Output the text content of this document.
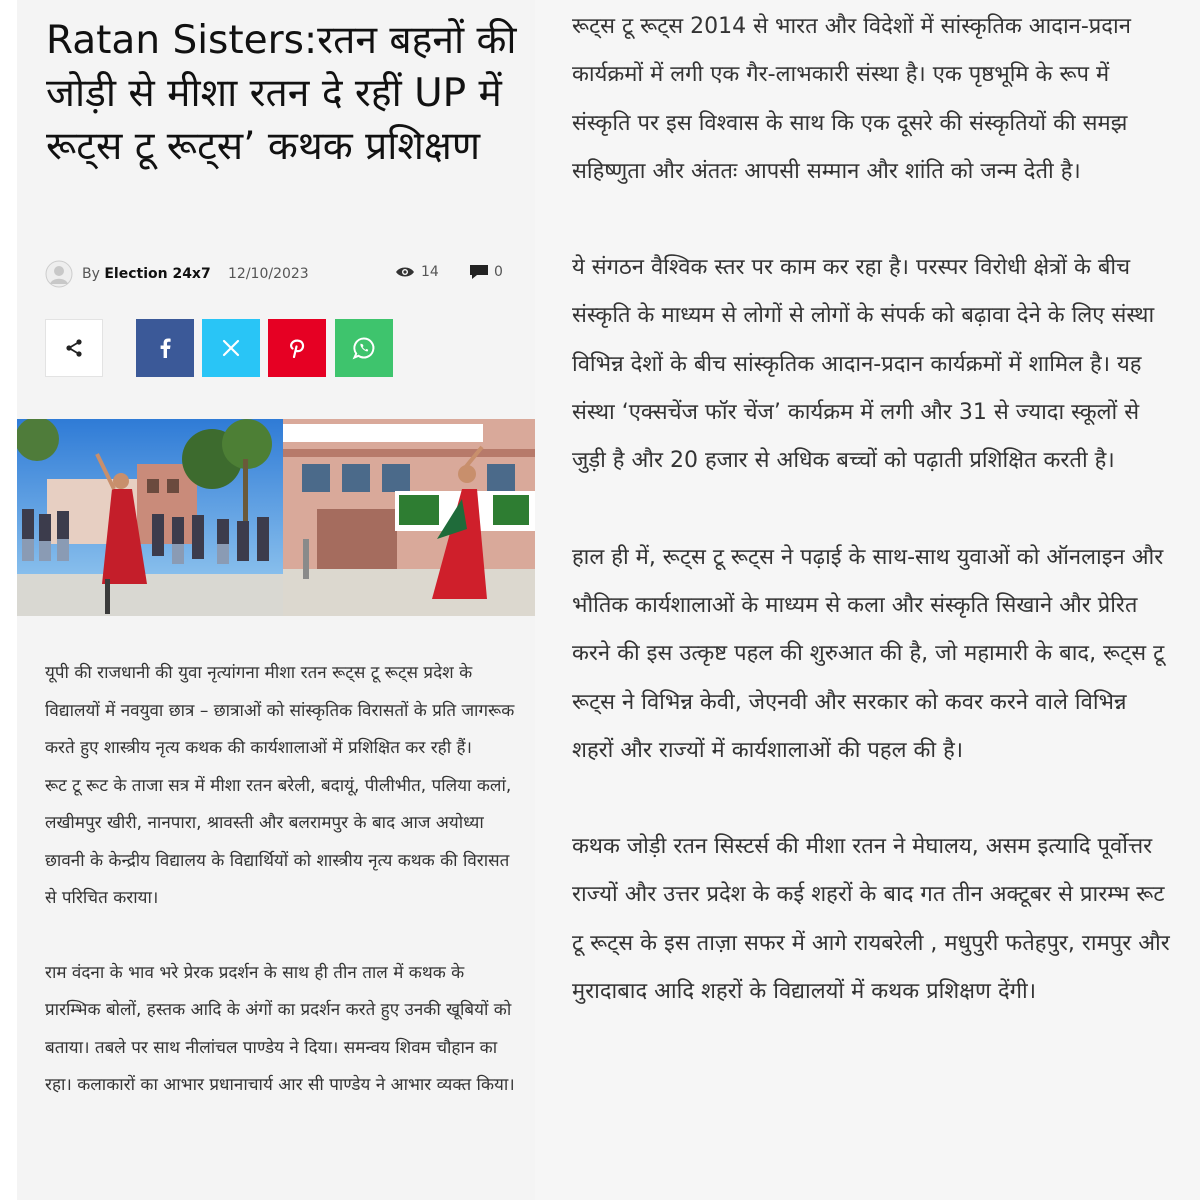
Ratan Sisters:रतन बहनों की जोड़ी से मीशा रतन दे रहीं UP में रूट्स टू रूट्स’ कथक प्रशिक्षण
By Election 24x7 12/10/2023	14	0

यूपी की राजधानी की युवा नृत्यांगना मीशा रतन रूट्स टू रूट्स प्रदेश के विद्यालयों में नवयुवा छात्र – छात्राओं को सांस्कृतिक विरासतों के प्रति जागरूक करते हुए शास्त्रीय नृत्य कथक की कार्यशालाओं में प्रशिक्षित कर रही हैं।

रूट टू रूट के ताजा सत्र में मीशा रतन बरेली, बदायूं, पीलीभीत, पलिया कलां, लखीमपुर खीरी, नानपारा, श्रावस्ती और बलरामपुर के बाद आज अयोध्या छावनी के केन्द्रीय विद्यालय के विद्यार्थियों को शास्त्रीय नृत्य कथक की विरासत से परिचित कराया।

राम वंदना के भाव भरे प्रेरक प्रदर्शन के साथ ही तीन ताल में कथक के प्रारम्भिक बोलों, हस्तक आदि के अंगों का प्रदर्शन करते हुए उनकी खूबियों को बताया। तबले पर साथ नीलांचल पाण्डेय ने दिया। समन्वय शिवम चौहान का रहा। कलाकारों का आभार प्रधानाचार्य आर सी पाण्डेय ने आभार व्यक्त किया।

रूट्स टू रूट्स 2014 से भारत और विदेशों में सांस्कृतिक आदान-प्रदान कार्यक्रमों में लगी एक गैर-लाभकारी संस्था है। एक पृष्ठभूमि के रूप में संस्कृति पर इस विश्वास के साथ कि एक दूसरे की संस्कृतियों की समझ सहिष्णुता और अंततः आपसी सम्मान और शांति को जन्म देती है।

ये संगठन वैश्विक स्तर पर काम कर रहा है। परस्पर विरोधी क्षेत्रों के बीच संस्कृति के माध्यम से लोगों से लोगों के संपर्क को बढ़ावा देने के लिए संस्था विभिन्न देशों के बीच सांस्कृतिक आदान-प्रदान कार्यक्रमों में शामिल है। यह संस्था ‘एक्सचेंज फॉर चेंज’ कार्यक्रम में लगी और 31 से ज्यादा स्कूलों से जुड़ी है और 20 हजार से अधिक बच्चों को पढ़ाती प्रशिक्षित करती है।

हाल ही में, रूट्स टू रूट्स ने पढ़ाई के साथ-साथ युवाओं को ऑनलाइन और भौतिक कार्यशालाओं के माध्यम से कला और संस्कृति सिखाने और प्रेरित करने की इस उत्कृष्ट पहल की शुरुआत की है, जो महामारी के बाद, रूट्स टू रूट्स ने विभिन्न केवी, जेएनवी और सरकार को कवर करने वाले विभिन्न शहरों और राज्यों में कार्यशालाओं की पहल की है।

कथक जोड़ी रतन सिस्टर्स की मीशा रतन ने मेघालय, असम इत्यादि पूर्वोत्तर राज्यों और उत्तर प्रदेश के कई शहरों के बाद गत तीन अक्टूबर से प्रारम्भ रूट टू रूट्स के इस ताज़ा सफर में आगे रायबरेली , मधुपुरी फतेहपुर, रामपुर और मुरादाबाद आदि शहरों के विद्यालयों में कथक प्रशिक्षण देंगी।
